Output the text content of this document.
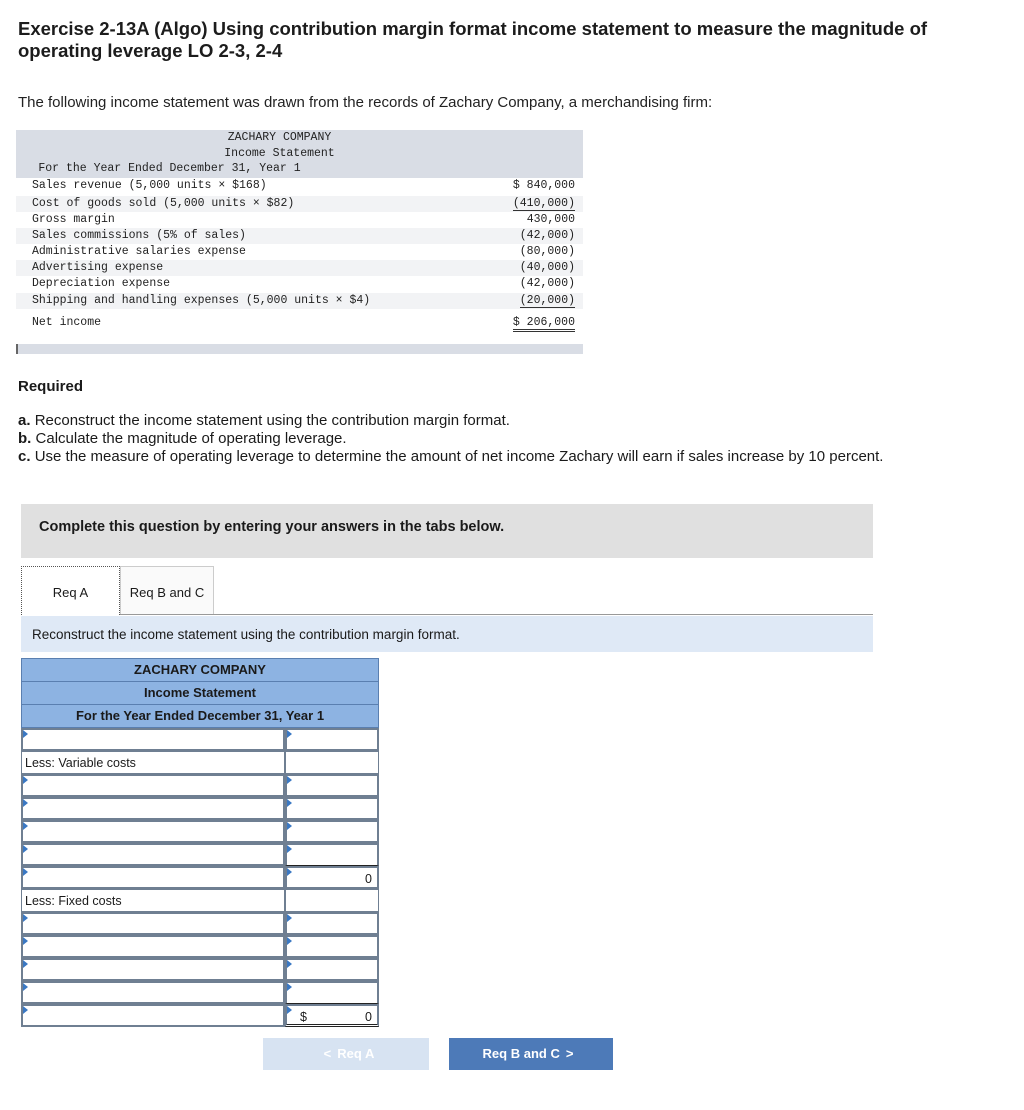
Exercise 2-13A (Algo) Using contribution margin format income statement to measure the magnitude of operating leverage LO 2-3, 2-4
The following income statement was drawn from the records of Zachary Company, a merchandising firm:
ZACHARY COMPANY
Income Statement
For the Year Ended December 31, Year 1
Sales revenue (5,000 units × $168)	$ 840,000
Cost of goods sold (5,000 units × $82)	(410,000)
Gross margin	430,000
Sales commissions (5% of sales)	(42,000)
Administrative salaries expense	(80,000)
Advertising expense	(40,000)
Depreciation expense	(42,000)
Shipping and handling expenses (5,000 units × $4)	(20,000)
Net income	$ 206,000
Required
a. Reconstruct the income statement using the contribution margin format.
b. Calculate the magnitude of operating leverage.
c. Use the measure of operating leverage to determine the amount of net income Zachary will earn if sales increase by 10 percent.
Complete this question by entering your answers in the tabs below.
Req A	Req B and C
Reconstruct the income statement using the contribution margin format.
ZACHARY COMPANY
Income Statement
For the Year Ended December 31, Year 1
Less: Variable costs
0
Less: Fixed costs
$	0
< Req A	Req B and C >
